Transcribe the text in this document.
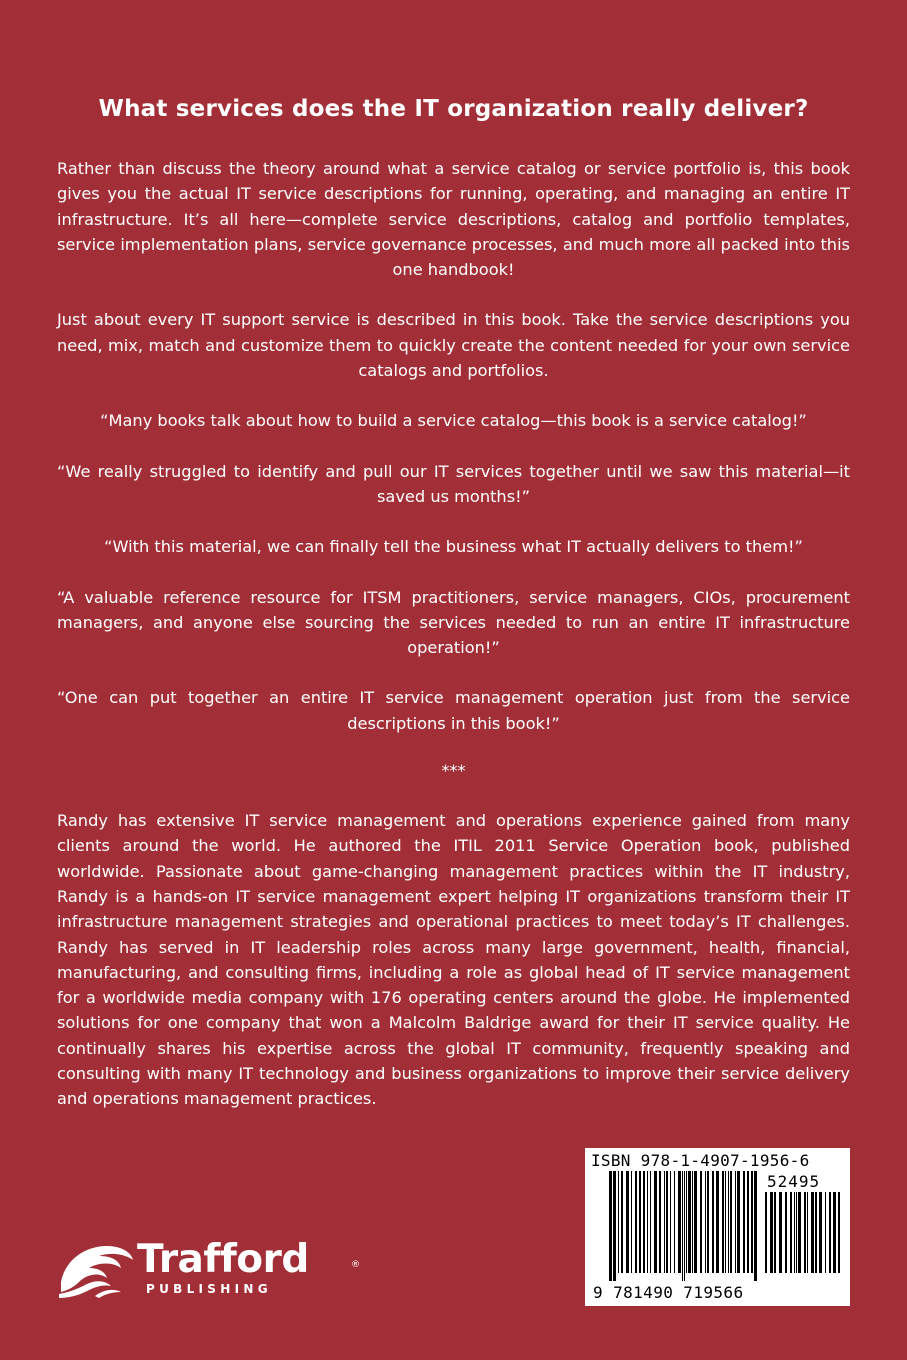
What services does the IT organization really deliver?

Rather than discuss the theory around what a service catalog or service portfolio is, this book gives you the actual IT service descriptions for running, operating, and managing an entire IT infrastructure. It’s all here—complete service descriptions, catalog and portfolio templates, service implementation plans, service governance processes, and much more all packed into this one handbook!

Just about every IT support service is described in this book. Take the service descriptions you need, mix, match and customize them to quickly create the content needed for your own service catalogs and portfolios.

“Many books talk about how to build a service catalog—this book is a service catalog!”

“We really struggled to identify and pull our IT services together until we saw this material—it saved us months!”

“With this material, we can finally tell the business what IT actually delivers to them!”

“A valuable reference resource for ITSM practitioners, service managers, CIOs, procurement managers, and anyone else sourcing the services needed to run an entire IT infrastructure operation!”

“One can put together an entire IT service management operation just from the service descriptions in this book!”

***

Randy has extensive IT service management and operations experience gained from many clients around the world. He authored the ITIL 2011 Service Operation book, published worldwide. Passionate about game-changing management practices within the IT industry, Randy is a hands-on IT service management expert helping IT organizations transform their IT infrastructure management strategies and operational practices to meet today’s IT challenges. Randy has served in IT leadership roles across many large government, health, financial, manufacturing, and consulting firms, including a role as global head of IT service management for a worldwide media company with 176 operating centers around the globe. He implemented solutions for one company that won a Malcolm Baldrige award for their IT service quality. He continually shares his expertise across the global IT community, frequently speaking and consulting with many IT technology and business organizations to improve their service delivery and operations management practices.

ISBN 978-1-4907-1956-6
52495
9 781490 719566
Trafford	®
PUBLISHING
